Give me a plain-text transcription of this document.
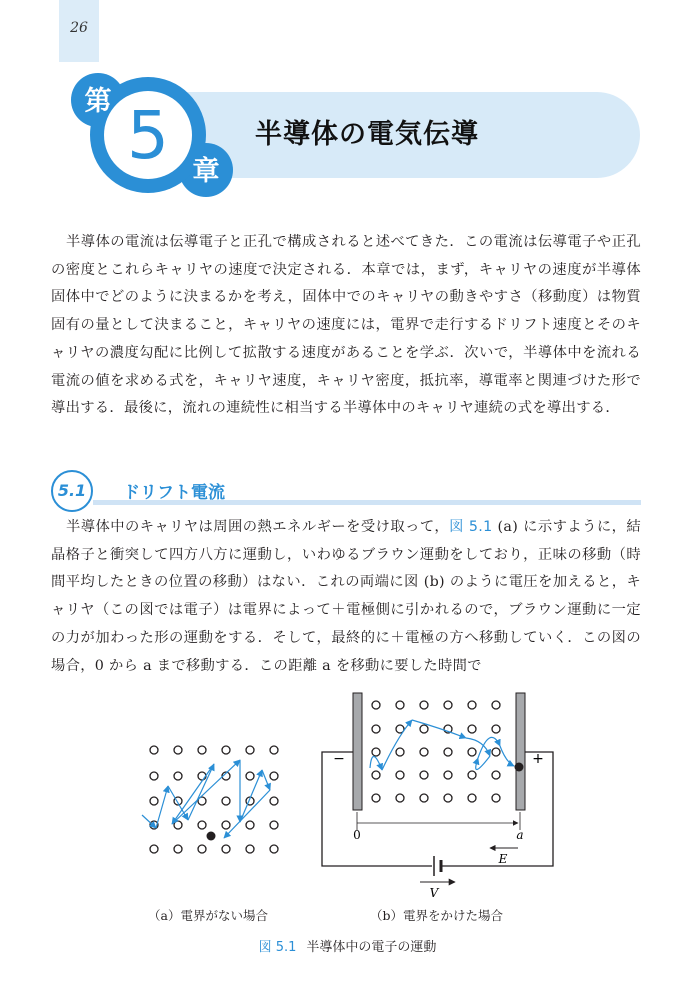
26
第 5 章
半導体の電気伝導
半導体の電流は伝導電子と正孔で構成されると述べてきた．この電流は伝導電子や正孔の密度とこれらキャリヤの速度で決定される．本章では，まず，キャリヤの速度が半導体固体中でどのように決まるかを考え，固体中でのキャリヤの動きやすさ（移動度）は物質固有の量として決まること，キャリヤの速度には，電界で走行するドリフト速度とそのキャリヤの濃度勾配に比例して拡散する速度があることを学ぶ．次いで，半導体中を流れる電流の値を求める式を，キャリヤ速度，キャリヤ密度，抵抗率，導電率と関連づけた形で導出する．最後に，流れの連続性に相当する半導体中のキャリヤ連続の式を導出する．
5.1	ドリフト電流
半導体中のキャリヤは周囲の熱エネルギーを受け取って，図 5.1 (a) に示すように，結晶格子と衝突して四方八方に運動し，いわゆるブラウン運動をしており，正味の移動（時間平均したときの位置の移動）はない．これの両端に図 (b) のように電圧を加えると，キャリヤ（この図では電子）は電界によって＋電極側に引かれるので，ブラウン運動に一定の力が加わった形の運動をする．そして，最終的に＋電極の方へ移動していく．この図の場合，0 から a まで移動する．この距離 a を移動に要した時間で
V
−	+
0	a
E
（a）電界がない場合	（b）電界をかけた場合
図 5.1 半導体中の電子の運動
